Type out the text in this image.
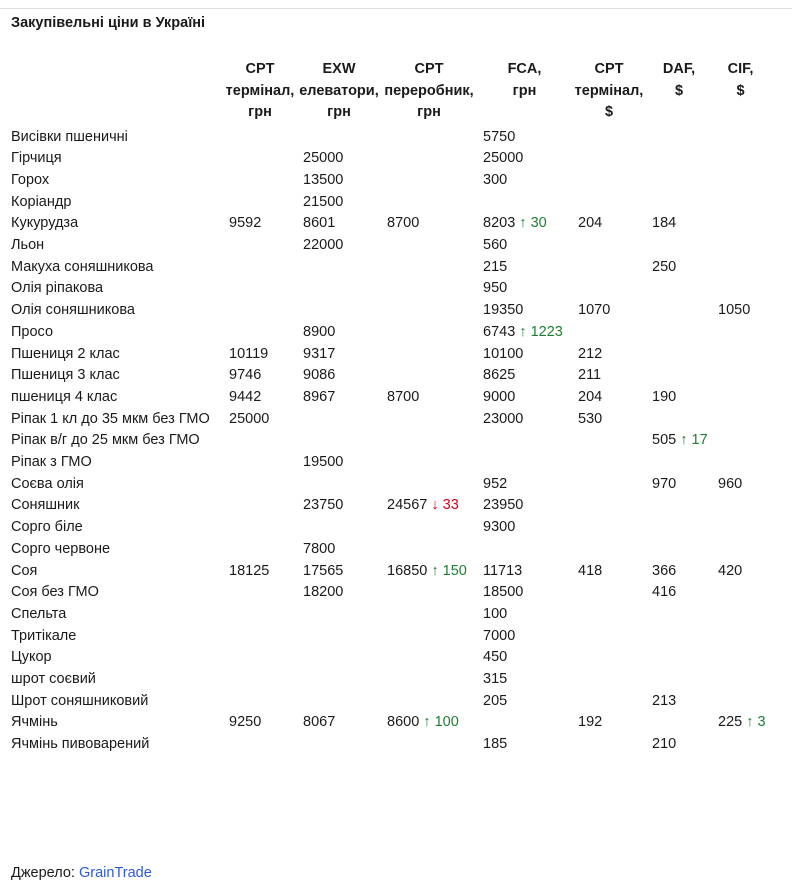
Закупівельні ціни в Україні

	CPT
термінал,
грн	EXW
елеватори,
грн	CPT
переробник,
грн	FCA,
грн	CPT
термінал,
$	DAF,
$	CIF,
$

Висівки пшеничні				5750			
Гірчиця		25000		25000			
Горох		13500		300			
Коріандр		21500					
Кукурудза	9592	8601	8700	8203 ↑ 30	204	184	
Льон		22000		560			
Макуха соняшникова				215		250	
Олія ріпакова				950			
Олія соняшникова				19350	1070		1050
Просо		8900		6743 ↑ 1223			
Пшениця 2 клас	10119	9317		10100	212		
Пшениця 3 клас	9746	9086		8625	211		
пшениця 4 клас	9442	8967	8700	9000	204	190	
Ріпак 1 кл до 35 мкм без ГМО	25000			23000	530		
Ріпак в/г до 25 мкм без ГМО						505 ↑ 17	
Ріпак з ГМО		19500					
Соєва олія				952		970	960
Соняшник		23750	24567 ↓ 33	23950			
Сорго біле				9300			
Сорго червоне		7800					
Соя	18125	17565	16850 ↑ 150	11713	418	366	420
Соя без ГМО		18200		18500		416	
Спельта				100			
Тритікале				7000			
Цукор				450			
шрот соєвий				315			
Шрот соняшниковий				205		213	
Ячмінь	9250	8067	8600 ↑ 100		192		225 ↑ 3
Ячмінь пивоварений				185		210	
Джерело: GrainTrade
